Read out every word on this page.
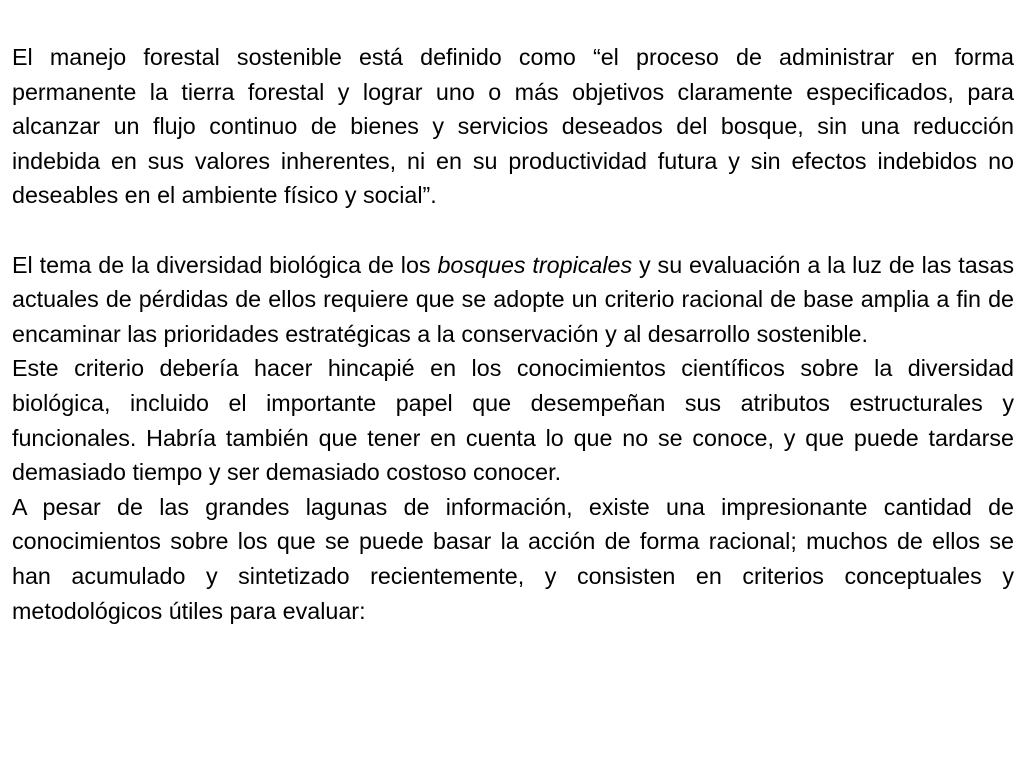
El manejo forestal sostenible está definido como “el proceso de administrar en forma permanente la tierra forestal y lograr uno o más objetivos claramente especificados, para alcanzar un flujo continuo de bienes y servicios deseados del bosque, sin una reducción indebida en sus valores inherentes, ni en su productividad futura y sin efectos indebidos no deseables en el ambiente físico y social”.

El tema de la diversidad biológica de los bosques tropicales y su evaluación a la luz de las tasas actuales de pérdidas de ellos requiere que se adopte un criterio racional de base amplia a fin de encaminar las prioridades estratégicas a la conservación y al desarrollo sostenible.

Este criterio debería hacer hincapié en los conocimientos científicos sobre la diversidad biológica, incluido el importante papel que desempeñan sus atributos estructurales y funcionales. Habría también que tener en cuenta lo que no se conoce, y que puede tardarse demasiado tiempo y ser demasiado costoso conocer.

A pesar de las grandes lagunas de información, existe una impresionante cantidad de conocimientos sobre los que se puede basar la acción de forma racional; muchos de ellos se han acumulado y sintetizado recientemente, y consisten en criterios conceptuales y metodológicos útiles para evaluar:
